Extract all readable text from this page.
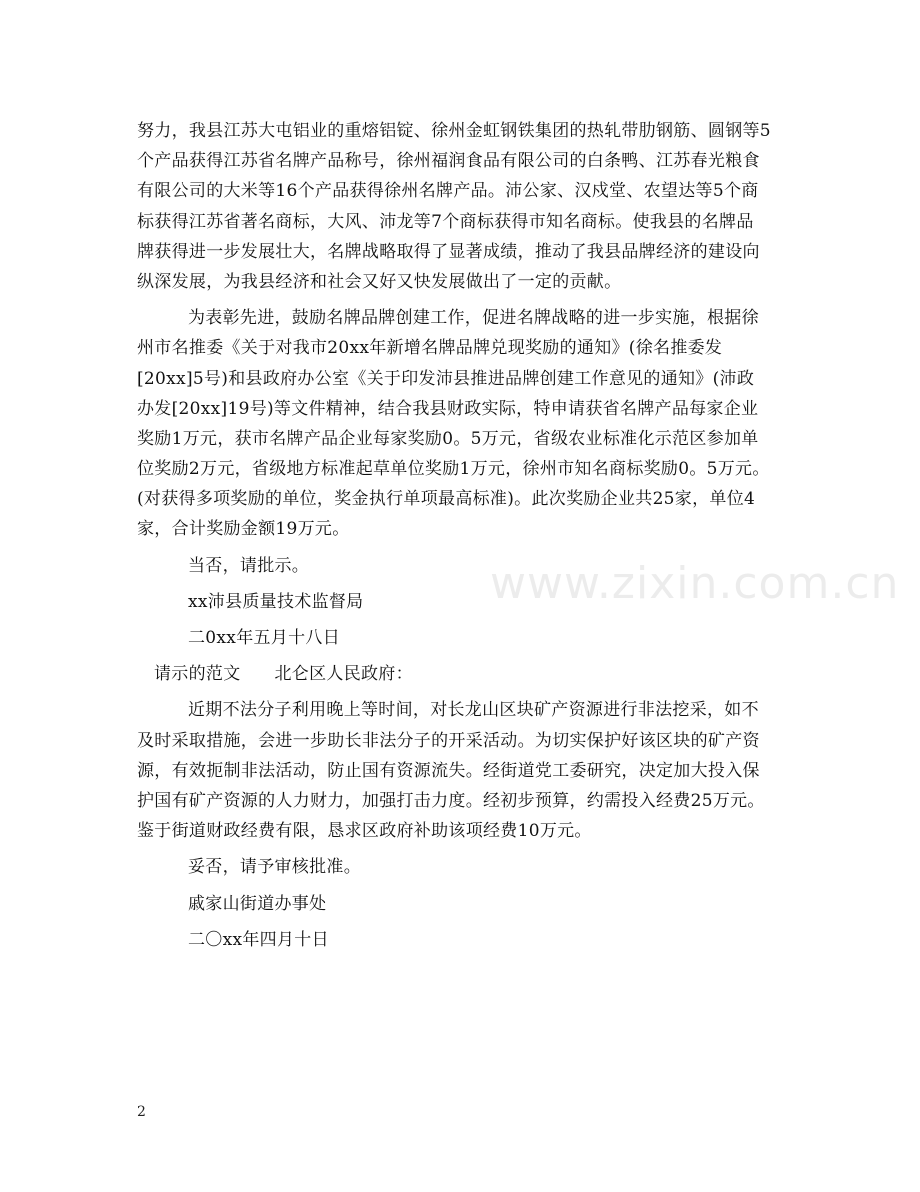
www.zixin.com.cn
努力，我县江苏大屯铝业的重熔铝锭、徐州金虹钢铁集团的热轧带肋钢筋、圆钢等5
个产品获得江苏省名牌产品称号，徐州福润食品有限公司的白条鸭、江苏春光粮食
有限公司的大米等16个产品获得徐州名牌产品。沛公家、汉戍堂、农望达等5个商
标获得江苏省著名商标，大风、沛龙等7个商标获得市知名商标。使我县的名牌品
牌获得进一步发展壮大，名牌战略取得了显著成绩，推动了我县品牌经济的建设向
纵深发展，为我县经济和社会又好又快发展做出了一定的贡献。
为表彰先进，鼓励名牌品牌创建工作，促进名牌战略的进一步实施，根据徐
州市名推委《关于对我市20xx年新增名牌品牌兑现奖励的通知》(徐名推委发
[20xx]5号)和县政府办公室《关于印发沛县推进品牌创建工作意见的通知》(沛政
办发[20xx]19号)等文件精神，结合我县财政实际，特申请获省名牌产品每家企业
奖励1万元，获市名牌产品企业每家奖励0。5万元，省级农业标准化示范区参加单
位奖励2万元，省级地方标准起草单位奖励1万元，徐州市知名商标奖励0。5万元。
(对获得多项奖励的单位，奖金执行单项最高标准)。此次奖励企业共25家，单位4
家，合计奖励金额19万元。
当否，请批示。
xx沛县质量技术监督局
二0xx年五月十八日
请示的范文	北仑区人民政府：
近期不法分子利用晚上等时间，对长龙山区块矿产资源进行非法挖采，如不
及时采取措施，会进一步助长非法分子的开采活动。为切实保护好该区块的矿产资
源，有效扼制非法活动，防止国有资源流失。经街道党工委研究，决定加大投入保
护国有矿产资源的人力财力，加强打击力度。经初步预算，约需投入经费25万元。
鉴于街道财政经费有限，恳求区政府补助该项经费10万元。
妥否，请予审核批准。
戚家山街道办事处
二〇xx年四月十日
2
